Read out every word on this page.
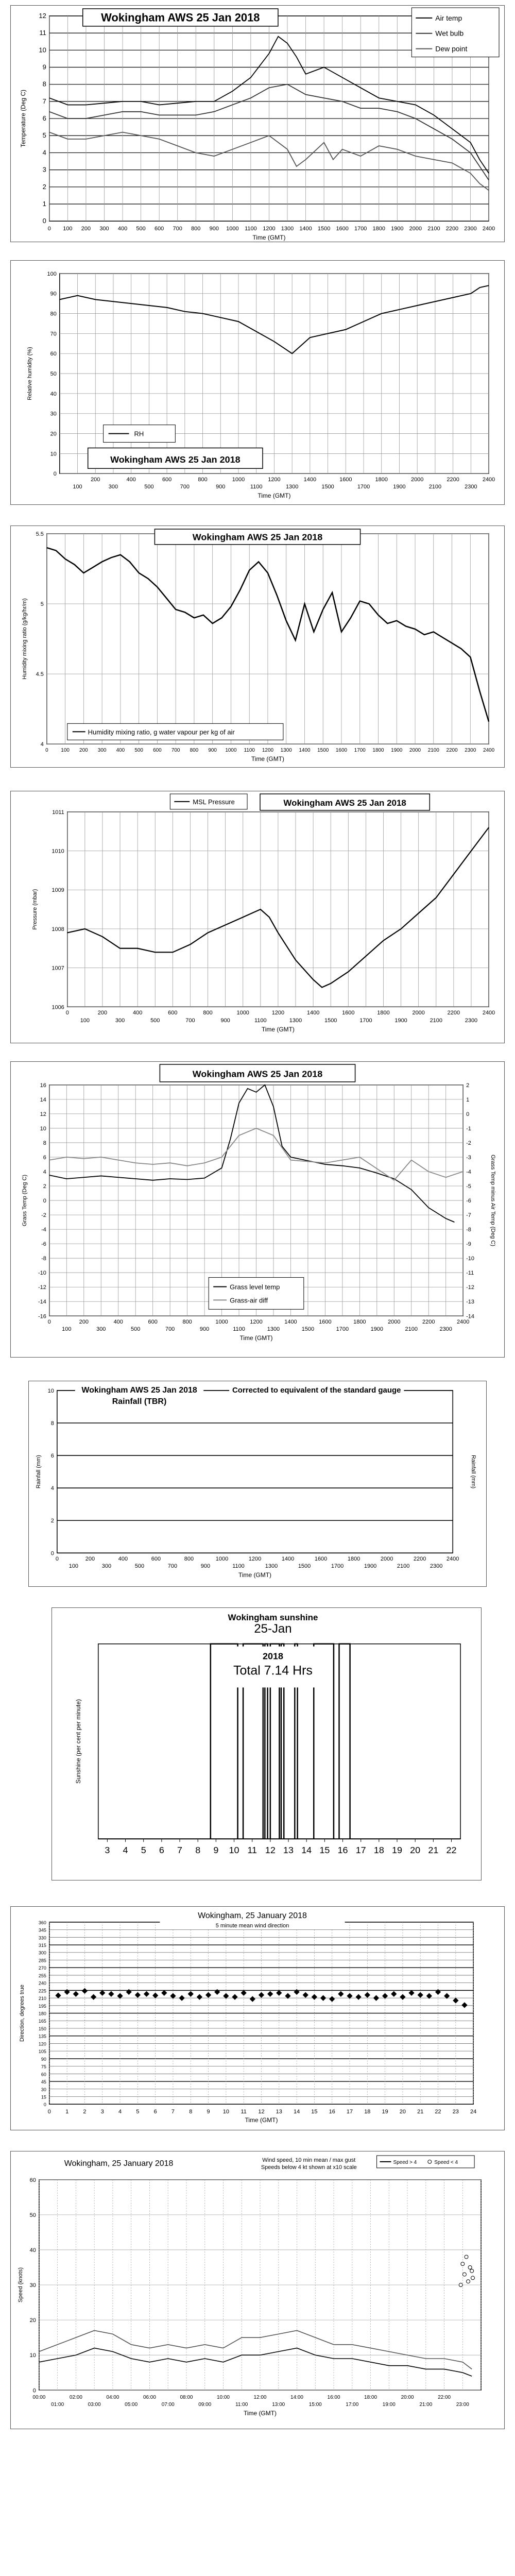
0
1
2
3
4
5
6
7
8
9
10
11
12
0 100 200 300 400 500 600 700 800 900 1000 1100 1200 1300 1400 1500 1600 1700 1800 1900 2000 2100 2200 2300 2400
Time (GMT)
Temperature (Deg C)
Wokingham AWS 25 Jan 2018	Air temp
Wet bulb
Dew point
0
10
20
30
40
50
60
70
80
90
100
200	400	600	800	1000	1200	1400	1600	1800	2000	2200	2400
100	300	500	700	900	1100	1300	1500	1700	1900	2100	2300
Time (GMT)
Relative humidity (%)
RH
Wokingham AWS 25 Jan 2018
4
4.5
5
5.5
0 100 200 300 400 500 600 700 800 900 1000 1100 1200 1300 1400 1500 1600 1700 1800 1900 2000 2100 2200 2300 2400
Time (GMT)
Humidity mixing ratio (g/kg/hr/m)
Wokingham AWS 25 Jan 2018
Humidity mixing ratio, g water vapour per kg of air
1006
1007
1008
1009
1010
1011
0	200	400	600	800	1000	1200	1400	1600	1800	2000	2200	2400
100	300	500	700	900	1100	1300	1500	1700	1900	2100	2300
Time (GMT)
Pressure (mbar)
MSL Pressure	Wokingham AWS 25 Jan 2018
-16
-14
-12
-10
-8
-6
-4
-2
0
2
4
6
8
10
12
14
16
-14
-13
-12
-11
-10
-9
-8
-7
-6
-5
-4
-3
-2
-1
0
1
2
0	200	400	600	800	1000	1200	1400	1600	1800	2000	2200	2400
100	300	500	700	900	1100	1300	1500	1700	1900	2100	2300
Time (GMT)
Grass Temp (Deg C)	Grass Temp minus Air Temp (Deg C)
Wokingham AWS 25 Jan 2018
Grass level temp
Grass-air diff
0
2
4
6
8
10
0	200	400	600	800	1000	1200	1400	1600	1800	2000	2200	2400
100	300	500	700	900	1100	1300	1500	1700	1900	2100	2300
Time (GMT)
Rainfall (mm)	Rainfall (mm)
Wokingham AWS 25 Jan 2018
Rainfall (TBR)
Corrected to equivalent of the standard gauge
3 4 5 6 7 8 9 10 11 12 13 14 15 16 17 18 19 20 21 22
Sunshine (per cent per minute)
Wokingham sunshine
25-Jan
2018
Total 7.14 Hrs
0
15
30
45
60
75
90
105
120
135
150
165
180
195
210
225
240
255
270
285
300
315
330
345
360
0	1	2	3	4	5	6	7	8	9 10 11 12 13 14 15 16 17 18 19 20 21 22 23 24
Time (GMT)
Direction, degrees true
Wokingham, 25 January 2018
5 minute mean wind direction
0
10
20
30
40
50
60
00:00	02:00	04:00	06:00	08:00	10:00	12:00	14:00	16:00	18:00	20:00	22:00
01:00	03:00	05:00	07:00	09:00	11:00	13:00	15:00	17:00	19:00	21:00	23:00
Time (GMT)
Speed (knots)
Wokingham, 25 January 2018	Wind speed, 10 min mean / max gust
Speeds below 4 kt shown at x10 scale
Speed > 4	Speed < 4
